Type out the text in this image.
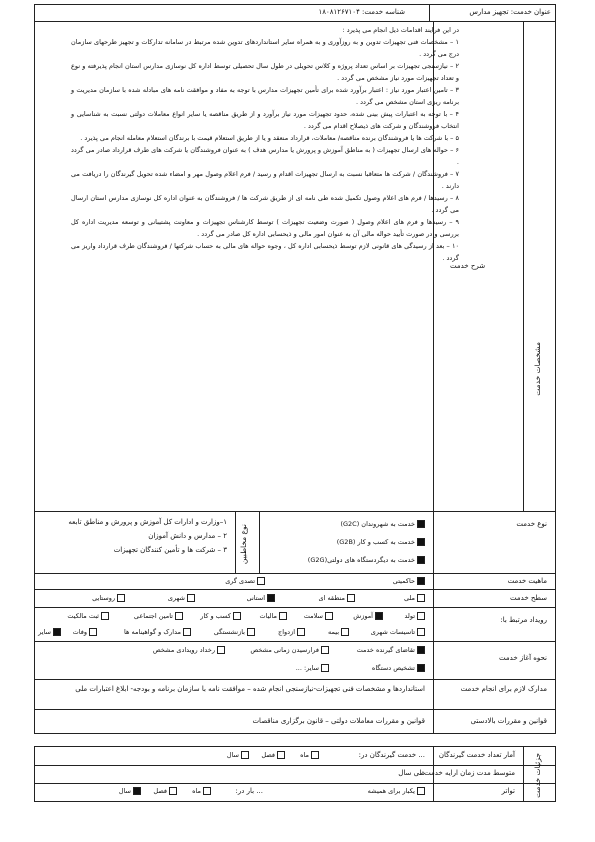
عنوان خدمت: تجهیز مدارس
شناسه خدمت: ۱۸۰۸۱۲۶۷۱۰۴
مشخصات خدمت
شرح خدمت
در این فرایند اقدامات ذیل انجام می پذیرد :
۱ – مشخصات فنی تجهیزات تدوین و به روزآوری و به همراه سایر استانداردهای تدوین شده مرتبط در سامانه تدارکات و تجهیز طرحهای سازمان درج می گردد .
۲ – نیازسنجی تجهیزات بر اساس تعداد پروژه و کلاس تحویلی در طول سال تحصیلی توسط اداره کل نوسازی مدارس استان انجام پذیرفته و نوع و تعداد تجهیزات مورد نیاز مشخص می گردد .
۳ – تامین اعتبار مورد نیاز : اعتبار برآورد شده برای تأمین تجهیزات مدارس با توجه به مفاد و موافقت نامه های مبادله شده با سازمان مدیریت و برنامه ریزی استان مشخص می گردد .
۴ – با توجه به اعتبارات پیش بینی شده، حدود تجهیزات مورد نیاز برآورد و از طریق مناقصه یا سایر انواع معاملات دولتی نسبت به شناسایی و انتخاب فروشندگان و شرکت های ذیصلاح اقدام می گردد .
۵ – با شرکت ها یا فروشندگان برنده مناقصه/ معاملات، قرارداد منعقد و یا از طریق استعلام قیمت با برندگان استعلام معامله انجام می پذیرد .
۶ – حواله های ارسال تجهیزات ( به مناطق آموزش و پرورش یا مدارس هدف ) به عنوان فروشندگان یا شرکت های طرف قرارداد صادر می گردد .
۷ – فروشندگان / شرکت ها متعاقبا نسبت به ارسال تجهیزات اقدام و رسید / فرم اعلام وصول مهر و امضاء شده تحویل گیرندگان را دریافت می دارند .
۸ – رسیدها / فرم های اعلام وصول تکمیل شده طی نامه ای از طریق شرکت ها / فروشندگان به عنوان اداره کل نوسازی مدارس استان ارسال می گردد .
۹ – رسیدها و فرم های اعلام وصول ( صورت وضعیت تجهیزات ) توسط کارشناس تجهیزات و معاونت پشتیبانی و توسعه مدیریت اداره کل بررسی و در صورت تأیید حواله مالی آن به عنوان امور مالی و ذیحسابی اداره کل صادر می گردد .
۱۰ – بعد از رسیدگی های قانونی لازم توسط ذیحسابی اداره کل ، وجوه حواله های مالی به حساب شرکتها / فروشندگان طرف قرارداد واریز می گردد .
نوع خدمت
خدمت به شهروندان (G2C)
خدمت به کسب و کار (G2B)
خدمت به دیگردستگاه های دولتی(G2G)
نوع مخاطبین
۱–وزارت و ادارات کل آموزش و پرورش و مناطق تابعه
۲ – مدارس و دانش آموزان
۳ – شرکت ها و تأمین کنندگان تجهیزات
ماهیت خدمت
حاکمیتی
تصدی گری
سطح خدمت
ملی
منطقه ای
استانی
شهری
روستایی
رویداد مرتبط با:
تولد
آموزش
سلامت
مالیات
کسب و کار
تامین اجتماعی
ثبت مالکیت
تاسیسات شهری
بیمه
ازدواج
بازنشستگی
مدارک و گواهینامه ها
وفات
سایر
نحوه آغاز خدمت
تقاضای گیرنده خدمت
فرارسیدن زمانی مشخص
رخداد رویدادی مشخص
تشخیص دستگاه
سایر: ...
مدارک لازم برای انجام خدمت
استانداردها و مشخصات فنی تجهیزات-نیازسنجی انجام شده – موافقت نامه با سازمان برنامه و بودجه- ابلاغ اعتبارات ملی
قوانین و مقررات بالادستی
قوانین و مقررات معاملات دولتی – قانون برگزاری مناقصات
جزئیات خدمت
آمار تعداد خدمت گیرندگان
... خدمت گیرندگان در:
ماه
فصل
سال
متوسط مدت زمان ارایه خدمت:
طی سال
تواتر
یکبار برای همیشه
... بار در:
ماه
فصل
سال
